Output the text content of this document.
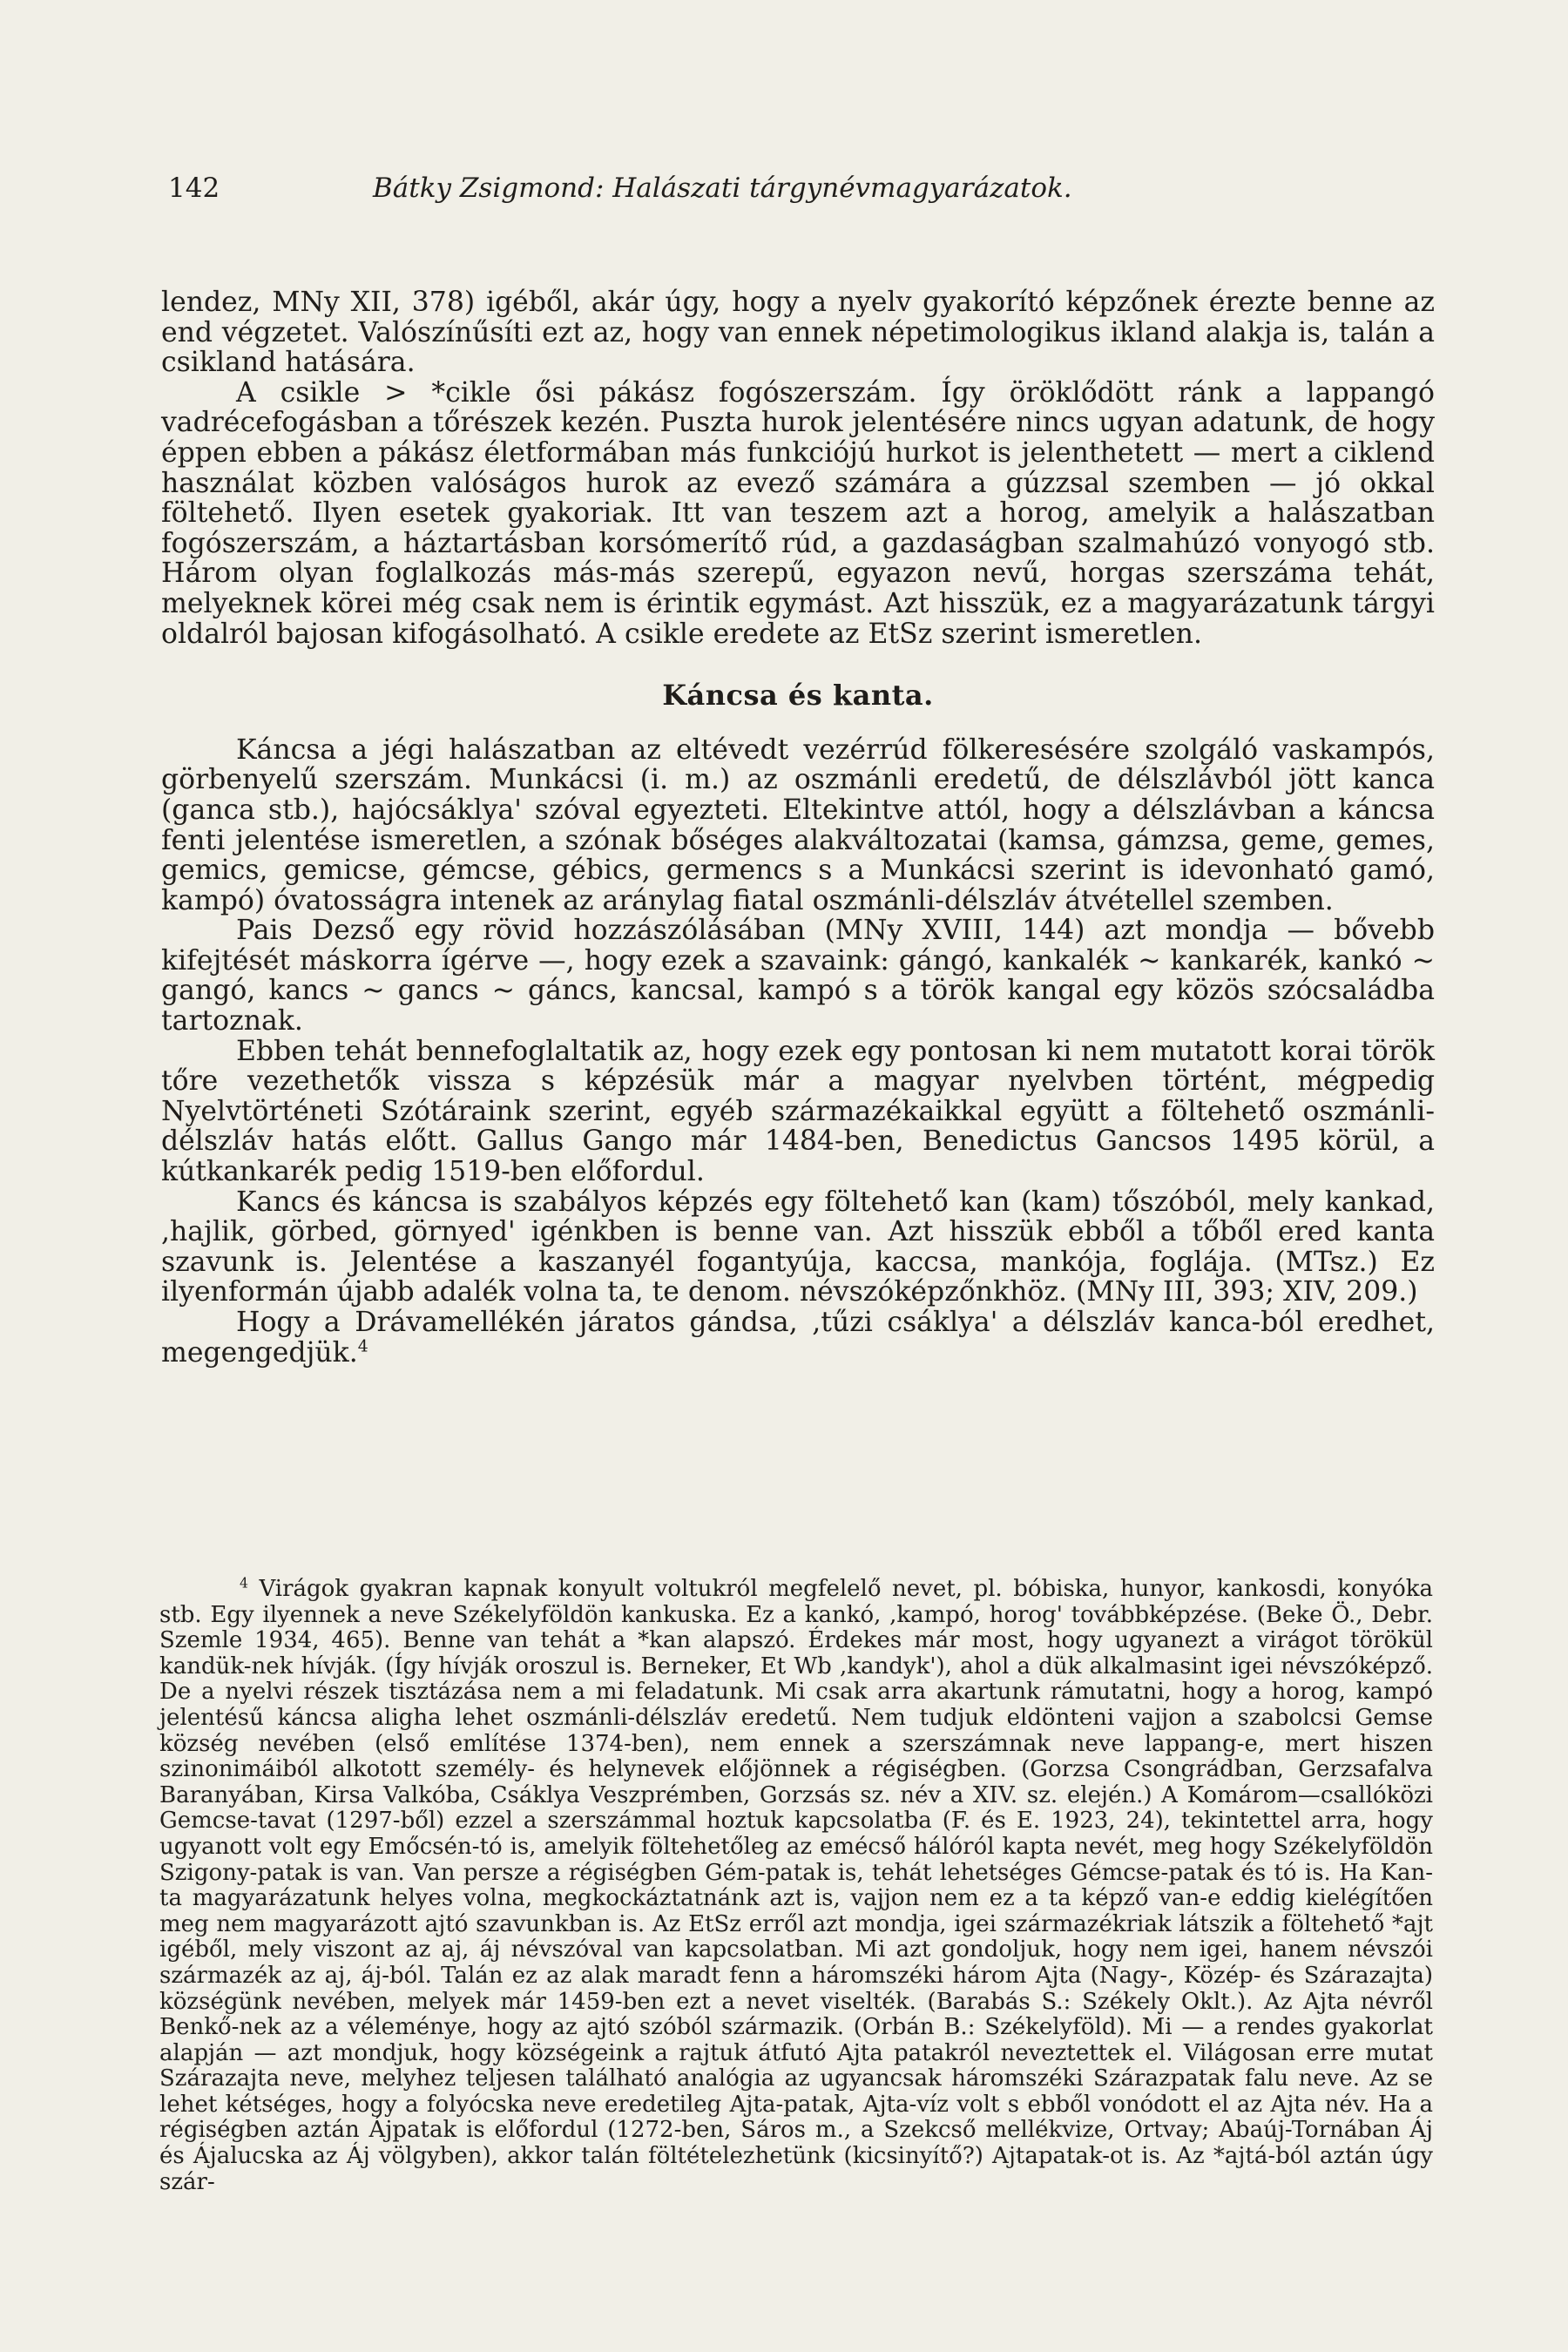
142	Bátky Zsigmond: Halászati tárgynévmagyarázatok.

lendez, MNy XII, 378) igéből, akár úgy, hogy a nyelv gyakorító képzőnek érezte benne az end végzetet. Valószínűsíti ezt az, hogy van ennek népetimologikus ikland alakja is, talán a csikland hatására.

A csikle > *cikle ősi pákász fogószerszám. Így öröklődött ránk a lappangó vadrécefogásban a tőrészek kezén. Puszta hurok jelentésére nincs ugyan adatunk, de hogy éppen ebben a pákász életformában más funkciójú hurkot is jelenthetett — mert a ciklend használat közben valóságos hurok az evező számára a gúzzsal szemben — jó okkal föltehető. Ilyen esetek gyakoriak. Itt van teszem azt a horog, amelyik a halászatban fogószerszám, a háztartásban korsómerítő rúd, a gazdaságban szalmahúzó vonyogó stb. Három olyan foglalkozás más-más szerepű, egyazon nevű, horgas szerszáma tehát, melyeknek körei még csak nem is érintik egymást. Azt hisszük, ez a magyarázatunk tárgyi oldalról bajosan kifogásolható. A csikle eredete az EtSz szerint ismeretlen.

Káncsa és kanta.

Káncsa a jégi halászatban az eltévedt vezérrúd fölkeresésére szolgáló vaskampós, görbenyelű szerszám. Munkácsi (i. m.) az oszmánli eredetű, de délszlávból jött kanca (ganca stb.), hajócsáklya' szóval egyezteti. Eltekintve attól, hogy a délszlávban a káncsa fenti jelentése ismeretlen, a szónak bőséges alakváltozatai (kamsa, gámzsa, geme, gemes, gemics, gemicse, gémcse, gébics, germencs s a Munkácsi szerint is idevonható gamó, kampó) óvatosságra intenek az aránylag fiatal oszmánli-délszláv átvétellel szemben.

Pais Dezső egy rövid hozzászólásában (MNy XVIII, 144) azt mondja — bővebb kifejtését máskorra ígérve —, hogy ezek a szavaink: gángó, kankalék ~ kankarék, kankó ~ gangó, kancs ~ gancs ~ gáncs, kancsal, kampó s a török kangal egy közös szócsaládba tartoznak.

Ebben tehát bennefoglaltatik az, hogy ezek egy pontosan ki nem mutatott korai török tőre vezethetők vissza s képzésük már a magyar nyelvben történt, mégpedig Nyelvtörténeti Szótáraink szerint, egyéb származékaikkal együtt a föltehető oszmánli-délszláv hatás előtt. Gallus Gango már 1484-ben, Benedictus Gancsos 1495 körül, a kútkankarék pedig 1519-ben előfordul.

Kancs és káncsa is szabályos képzés egy föltehető kan (kam) tőszóból, mely kankad, ,hajlik, görbed, görnyed' igénkben is benne van. Azt hisszük ebből a tőből ered kanta szavunk is. Jelentése a kaszanyél fogantyúja, kaccsa, mankója, foglája. (MTsz.) Ez ilyenformán újabb adalék volna ta, te denom. névszóképzőnkhöz. (MNy III, 393; XIV, 209.)

Hogy a Drávamellékén járatos gándsa, ,tűzi csáklya' a délszláv kanca-ból eredhet, megengedjük.$^4$

$^4$ Virágok gyakran kapnak konyult voltukról megfelelő nevet, pl. bóbiska, hunyor, kankosdi, konyóka stb. Egy ilyennek a neve Székelyföldön kankuska. Ez a kankó, ,kampó, horog' továbbképzése. (Beke Ö., Debr. Szemle 1934, 465). Benne van tehát a *kan alapszó. Érdekes már most, hogy ugyanezt a virágot törökül kandük-nek hívják. (Így hívják oroszul is. Berneker, Et Wb ,kandyk'), ahol a dük alkalmasint igei névszóképző. De a nyelvi részek tisztázása nem a mi feladatunk. Mi csak arra akartunk rámutatni, hogy a horog, kampó jelentésű káncsa aligha lehet oszmánli-délszláv eredetű. Nem tudjuk eldönteni vajjon a szabolcsi Gemse község nevében (első említése 1374-ben), nem ennek a szerszámnak neve lappang-e, mert hiszen szinonimáiból alkotott személy- és helynevek előjönnek a régiségben. (Gorzsa Csongrádban, Gerzsafalva Baranyában, Kirsa Valkóba, Csáklya Veszprémben, Gorzsás sz. név a XIV. sz. elején.) A Komárom—csallóközi Gemcse-tavat (1297-ből) ezzel a szerszámmal hoztuk kapcsolatba (F. és E. 1923, 24), tekintettel arra, hogy ugyanott volt egy Emőcsén-tó is, amelyik föltehetőleg az emécső hálóról kapta nevét, meg hogy Székelyföldön Szigony-patak is van. Van persze a régiségben Gém-patak is, tehát lehetséges Gémcse-patak és tó is. Ha Kan-ta magyarázatunk helyes volna, megkockáztatnánk azt is, vajjon nem ez a ta képző van-e eddig kielégítően meg nem magyarázott ajtó szavunkban is. Az EtSz erről azt mondja, igei származékriak látszik a föltehető *ajt igéből, mely viszont az aj, áj névszóval van kapcsolatban. Mi azt gondoljuk, hogy nem igei, hanem névszói származék az aj, áj-ból. Talán ez az alak maradt fenn a háromszéki három Ajta (Nagy-, Közép- és Szárazajta) községünk nevében, melyek már 1459-ben ezt a nevet viselték. (Barabás S.: Székely Oklt.). Az Ajta névről Benkő-nek az a véleménye, hogy az ajtó szóból származik. (Orbán B.: Székelyföld). Mi — a rendes gyakorlat alapján — azt mondjuk, hogy községeink a rajtuk átfutó Ajta patakról neveztettek el. Világosan erre mutat Szárazajta neve, melyhez teljesen található analógia az ugyancsak háromszéki Szárazpatak falu neve. Az se lehet kétséges, hogy a folyócska neve eredetileg Ajta-patak, Ajta-víz volt s ebből vonódott el az Ajta név. Ha a régiségben aztán Ájpatak is előfordul (1272-ben, Sáros m., a Szekcső mellékvizе, Ortvay; Abaúj-Tornában Áj és Ájalucska az Áj völgyben), akkor talán föltételezhetünk (kicsinyítő?) Ajtapatak-ot is. Az *ajtá-ból aztán úgy szár-
